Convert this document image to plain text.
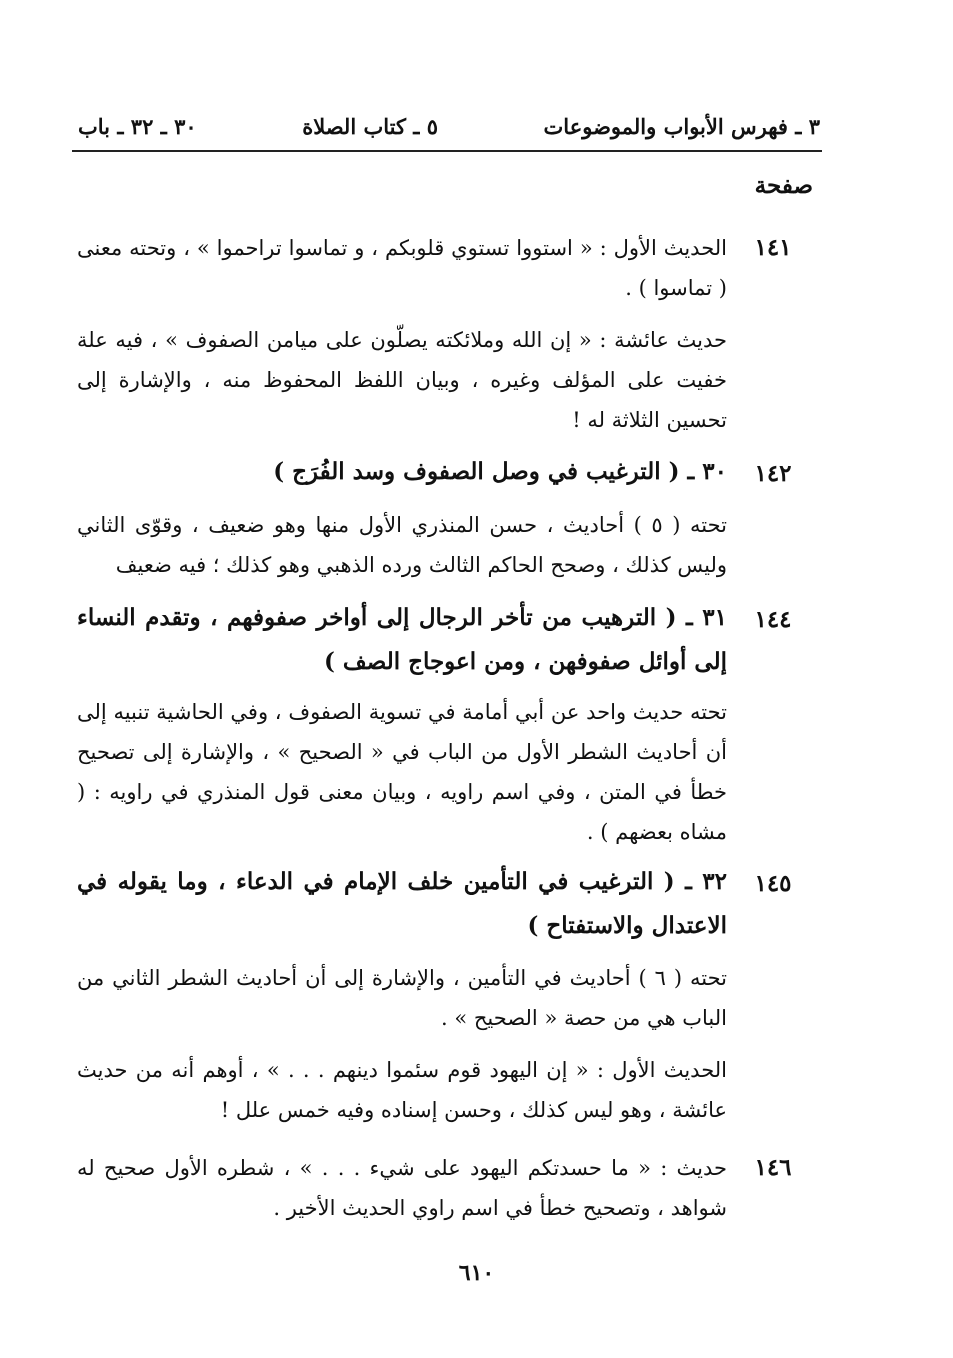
٣ ـ فهرس الأبواب والموضوعات
٥ ـ كتاب الصلاة
٣٠ ـ ٣٢ ـ باب
صفحة
١٤١
الحديث الأول : « استووا تستوي قلوبكم ، و تماسوا تراحموا » ، وتحته معنى ( تماسوا ) .
حديث عائشة : « إن الله وملائكته يصلّون على ميامن الصفوف » ، فيه علة خفيت على المؤلف وغيره ، وبيان اللفظ المحفوظ منه ، والإشارة إلى تحسين الثلاثة له !
١٤٢
٣٠ ـ ( الترغيب في وصل الصفوف وسد الفُرَج )
تحته ( ٥ ) أحاديث ، حسن المنذري الأول منها وهو ضعيف ، وقوّى الثاني وليس كذلك ، وصحح الحاكم الثالث ورده الذهبي وهو كذلك ؛ فيه ضعيف
١٤٤
٣١ ـ ( الترهيب من تأخر الرجال إلى أواخر صفوفهم ، وتقدم النساء إلى أوائل صفوفهن ، ومن اعوجاج الصف )
تحته حديث واحد عن أبي أمامة في تسوية الصفوف ، وفي الحاشية تنبيه إلى أن أحاديث الشطر الأول من الباب في « الصحيح » ، والإشارة إلى تصحيح خطأ في المتن ، وفي اسم راويه ، وبيان معنى قول المنذري في راويه : ( مشاه بعضهم ) .
١٤٥
٣٢ ـ ( الترغيب في التأمين خلف الإمام في الدعاء ، وما يقوله في الاعتدال والاستفتاح )
تحته ( ٦ ) أحاديث في التأمين ، والإشارة إلى أن أحاديث الشطر الثاني من الباب هي من حصة « الصحيح » .
الحديث الأول : « إن اليهود قوم سئموا دينهم . . . » ، أوهم أنه من حديث عائشة ، وهو ليس كذلك ، وحسن إسناده وفيه خمس علل !
١٤٦
حديث : « ما حسدتكم اليهود على شيء . . . » ، شطره الأول صحيح له شواهد ، وتصحيح خطأ في اسم راوي الحديث الأخير .
٦١٠
